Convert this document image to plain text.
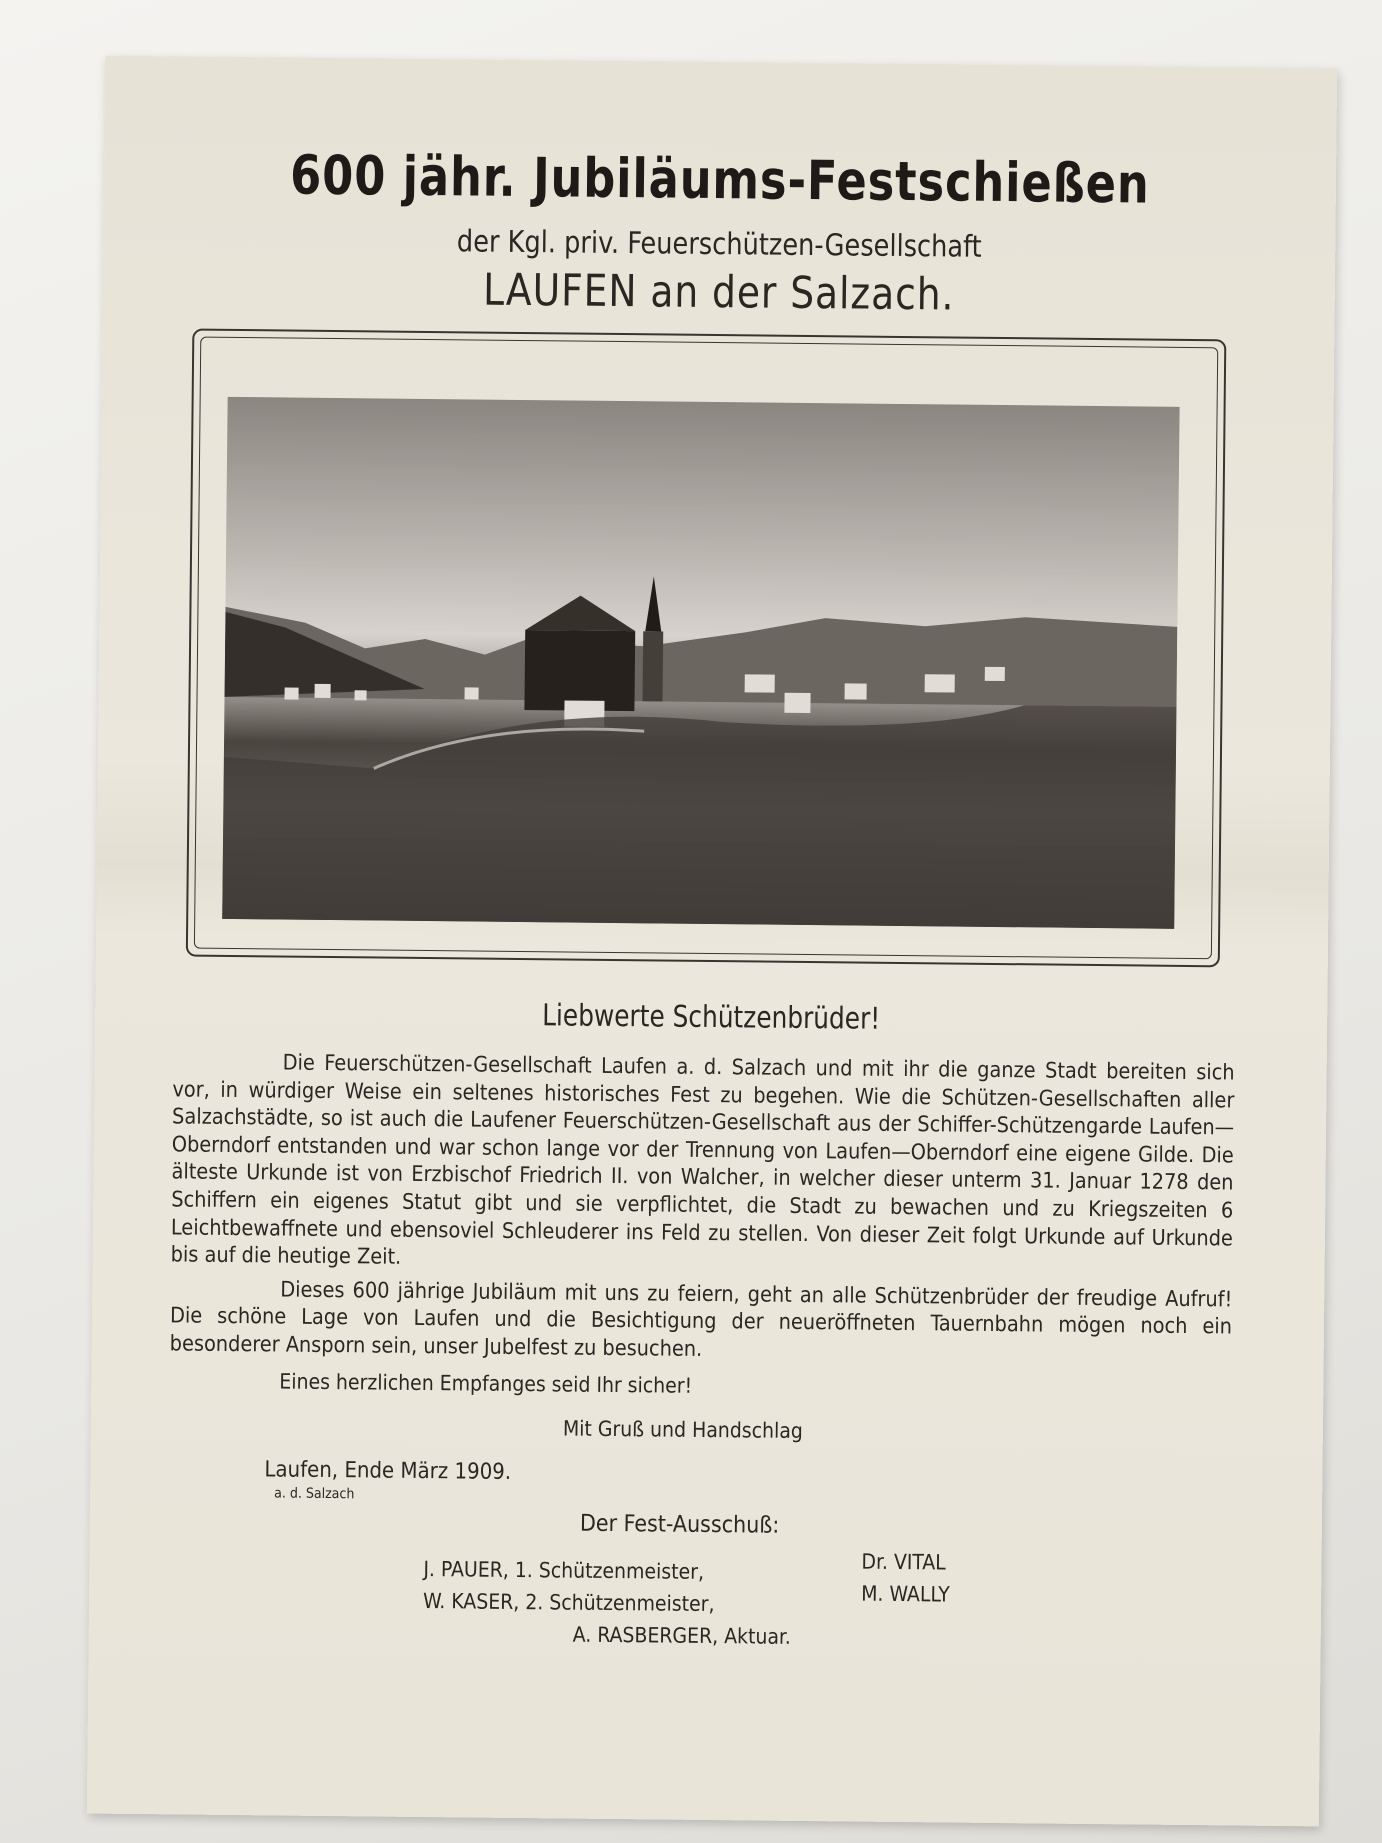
600 jähr. Jubiläums-Festschießen
der Kgl. priv. Feuerschützen-Gesellschaft
LAUFEN an der Salzach.
Liebwerte Schützenbrüder!

Die Feuerschützen-Gesellschaft Laufen a. d. Salzach und mit ihr die ganze Stadt bereiten sich vor, in würdiger Weise ein seltenes historisches Fest zu begehen. Wie die Schützen-Gesellschaften aller Salzachstädte, so ist auch die Laufener Feuerschützen-Gesellschaft aus der Schiffer-Schützengarde Laufen—Oberndorf entstanden und war schon lange vor der Trennung von Laufen—Oberndorf eine eigene Gilde. Die älteste Urkunde ist von Erzbischof Friedrich II. von Walcher, in welcher dieser unterm 31. Januar 1278 den Schiffern ein eigenes Statut gibt und sie verpflichtet, die Stadt zu bewachen und zu Kriegszeiten 6 Leichtbewaffnete und ebensoviel Schleuderer ins Feld zu stellen. Von dieser Zeit folgt Urkunde auf Urkunde bis auf die heutige Zeit.

Dieses 600 jährige Jubiläum mit uns zu feiern, geht an alle Schützenbrüder der freudige Aufruf! Die schöne Lage von Laufen und die Besichtigung der neueröffneten Tauernbahn mögen noch ein besonderer Ansporn sein, unser Jubelfest zu besuchen.

Eines herzlichen Empfanges seid Ihr sicher!
Mit Gruß und Handschlag
Laufen, Ende März 1909.
a. d. Salzach
Der Fest-Ausschuß:
J. PAUER, 1. Schützenmeister,
W. KASER, 2. Schützenmeister,
A. RASBERGER, Aktuar.
Dr. VITAL
M. WALLY
